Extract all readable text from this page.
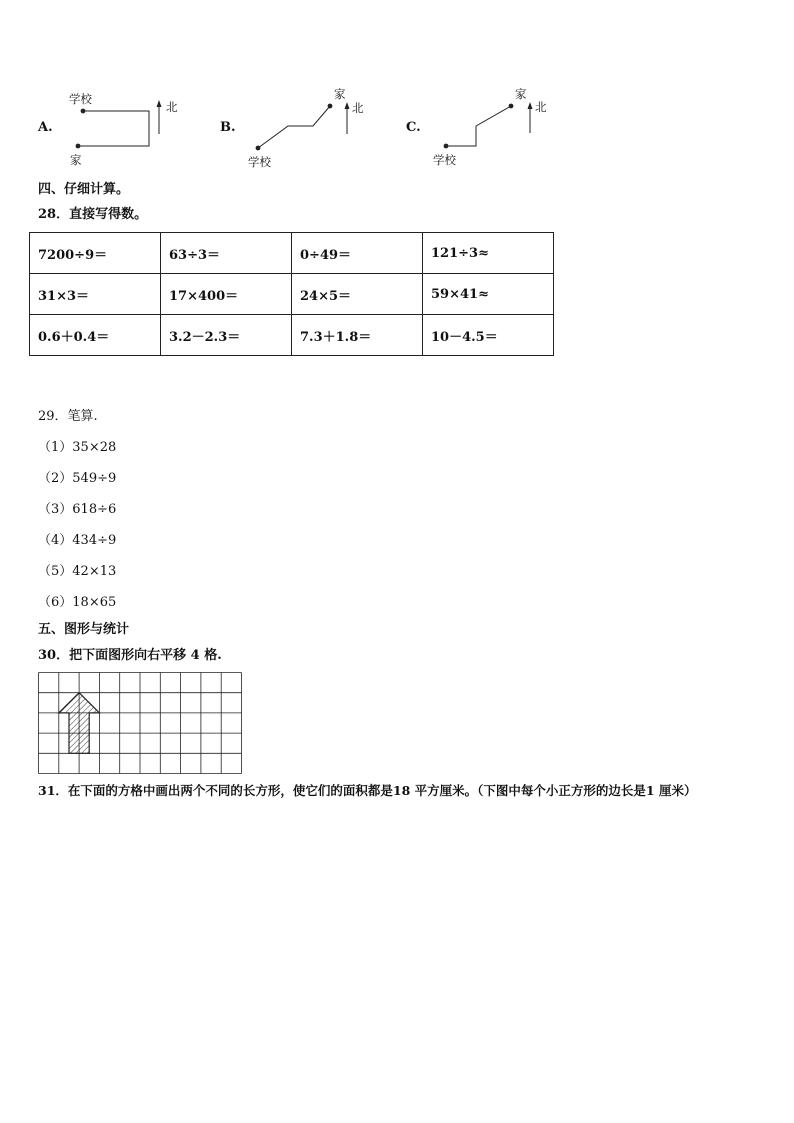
A.
学校
家
北
B.
学校
家
北
C.
学校
家
北
四、仔细计算。
28．直接写得数。
7200÷9＝	63÷3＝	0÷49＝	121÷3≈
31×3＝	17×400＝	24×5＝	59×41≈
0.6＋0.4＝	3.2－2.3＝	7.3＋1.8＝	10－4.5＝
29．笔算.
（1）35×28
（2）549÷9
（3）618÷6
（4）434÷9
（5）42×13
（6）18×65
五、图形与统计
30．把下面图形向右平移 4 格.
31．在下面的方格中画出两个不同的长方形，使它们的面积都是18 平方厘米。（下图中每个小正方形的边长是1 厘米）
